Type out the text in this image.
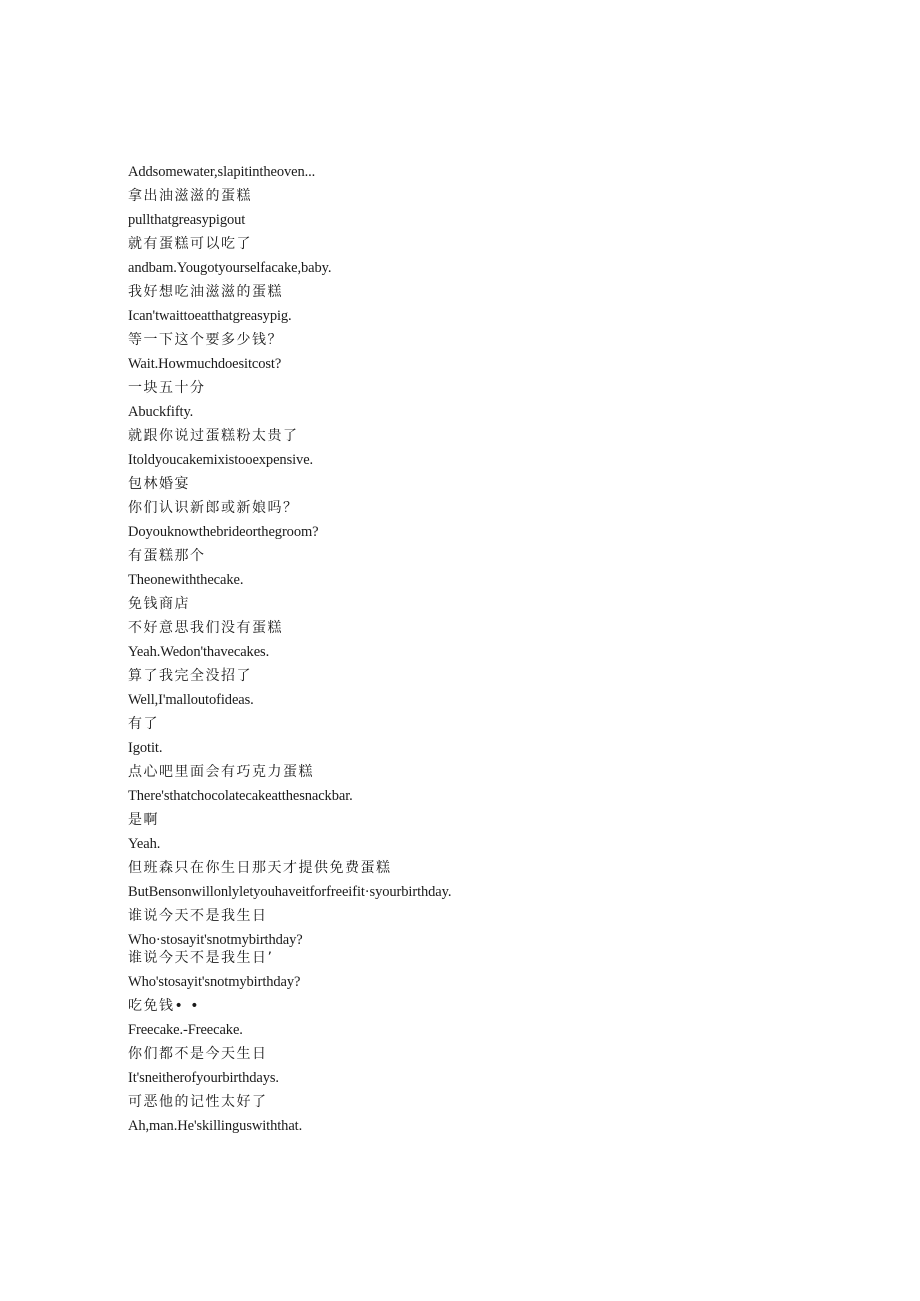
Addsomewater,slapitintheoven...
拿出油滋滋的蛋糕
pullthatgreasypigout
就有蛋糕可以吃了
andbam.Yougotyourselfacake,baby.
我好想吃油滋滋的蛋糕
Ican'twaittoeatthatgreasypig.
等一下这个要多少钱？
Wait.Howmuchdoesitcost?
一块五十分
Abuckfifty.
就跟你说过蛋糕粉太贵了
Itoldyoucakemixistooexpensive.
包林婚宴
你们认识新郎或新娘吗？
Doyouknowthebrideorthegroom?
有蛋糕那个
Theonewiththecake.
免钱商店
不好意思我们没有蛋糕
Yeah.Wedon'thavecakes.
算了我完全没招了
Well,I'malloutofideas.
有了
Igotit.
点心吧里面会有巧克力蛋糕
There'sthatchocolatecakeatthesnackbar.
是啊
Yeah.
但班森只在你生日那天才提供免费蛋糕
ButBensonwillonlyletyouhaveitforfreeifit·syourbirthday.
谁说今天不是我生日
Who·stosayit'snotmybirthday?
谁说今天不是我生日’
Who'stosayit'snotmybirthday?
吃免钱• •
Freecake.-Freecake.
你们都不是今天生日
It'sneitherofyourbirthdays.
可恶他的记性太好了
Ah,man.He'skillinguswiththat.
